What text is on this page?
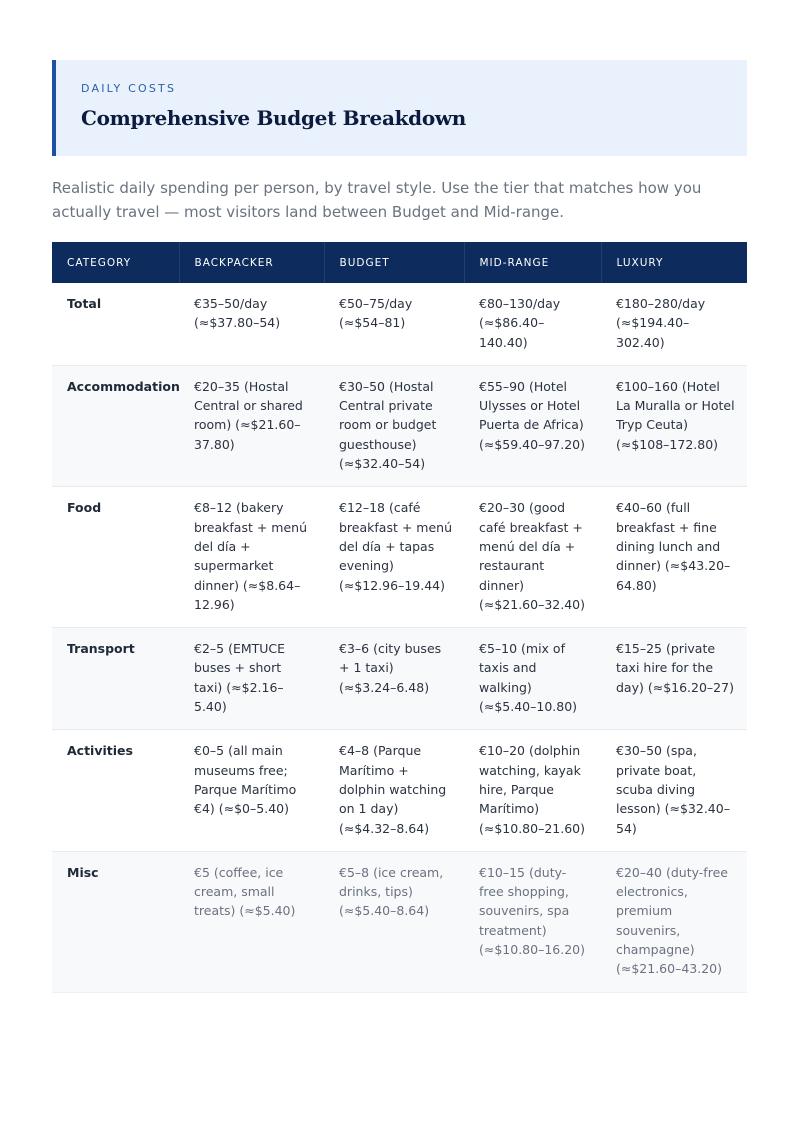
DAILY COSTS
Comprehensive Budget Breakdown

Realistic daily spending per person, by travel style. Use the tier that matches how you actually travel — most visitors land between Budget and Mid-range.

CATEGORY	BACKPACKER	BUDGET	MID-RANGE	LUXURY
Total	€35–50/day (≈$37.80–54)	€50–75/day (≈$54–81)	€80–130/day (≈$86.40–140.40)	€180–280/day (≈$194.40–302.40)
Accommodation	€20–35 (Hostal Central or shared room) (≈$21.60–37.80)	€30–50 (Hostal Central private room or budget guesthouse) (≈$32.40–54)	€55–90 (Hotel Ulysses or Hotel Puerta de Africa) (≈$59.40–97.20)	€100–160 (Hotel La Muralla or Hotel Tryp Ceuta) (≈$108–172.80)
Food	€8–12 (bakery breakfast + menú del día + supermarket dinner) (≈$8.64–12.96)	€12–18 (café breakfast + menú del día + tapas evening) (≈$12.96–19.44)	€20–30 (good café breakfast + menú del día + restaurant dinner) (≈$21.60–32.40)	€40–60 (full breakfast + fine dining lunch and dinner) (≈$43.20–64.80)
Transport	€2–5 (EMTUCE buses + short taxi) (≈$2.16–5.40)	€3–6 (city buses + 1 taxi) (≈$3.24–6.48)	€5–10 (mix of taxis and walking) (≈$5.40–10.80)	€15–25 (private taxi hire for the day) (≈$16.20–27)
Activities	€0–5 (all main museums free; Parque Marítimo €4) (≈$0–5.40)	€4–8 (Parque Marítimo + dolphin watching on 1 day) (≈$4.32–8.64)	€10–20 (dolphin watching, kayak hire, Parque Marítimo) (≈$10.80–21.60)	€30–50 (spa, private boat, scuba diving lesson) (≈$32.40–54)
Misc	€5 (coffee, ice cream, small treats) (≈$5.40)	€5–8 (ice cream, drinks, tips) (≈$5.40–8.64)	€10–15 (duty-free shopping, souvenirs, spa treatment) (≈$10.80–16.20)	€20–40 (duty-free electronics, premium souvenirs, champagne) (≈$21.60–43.20)
